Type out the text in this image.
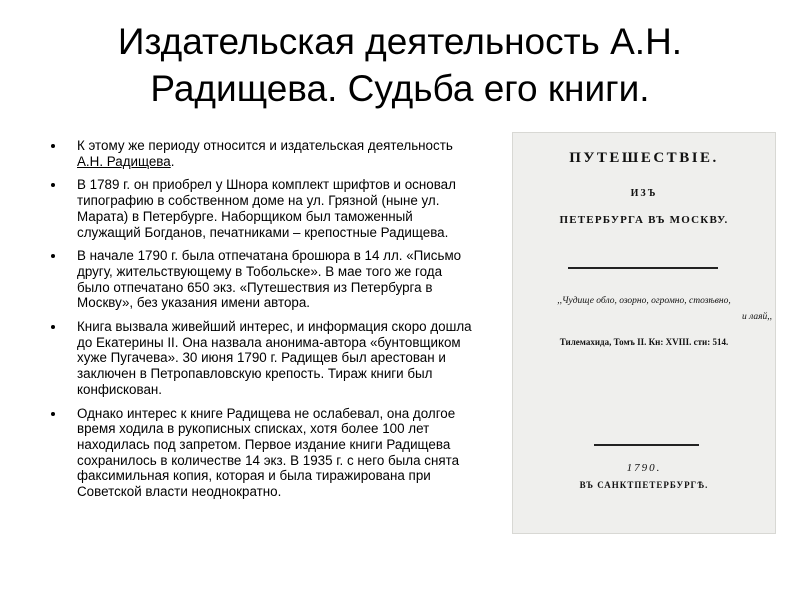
Издательская деятельность А.Н.
Радищева. Судьба его книги.
К этому же периоду относится и издательская деятельность А.Н. Радищева.
В 1789 г. он приобрел у Шнора комплект шрифтов и основал типографию в собственном доме на ул. Грязной (ныне ул. Марата) в Петербурге. Наборщиком был таможенный служащий Богданов, печатниками – крепостные Радищева.
В начале 1790 г. была отпечатана брошюра в 14 лл. «Письмо другу, жительствующему в Тобольске». В мае того же года было отпечатано 650 экз. «Путешествия из Петербурга в Москву», без указания имени автора.
Книга вызвала живейший интерес, и информация скоро дошла до Екатерины II. Она назвала анонима-автора «бунтовщиком хуже Пугачева». 30 июня 1790 г. Радищев был арестован и заключен в Петропавловскую крепость. Тираж книги был конфискован.
Однако интерес к книге Радищева не ослабевал, она долгое время ходила в рукописных списках, хотя более 100 лет находилась под запретом. Первое издание книги Радищева сохранилось в количестве 14 экз. В 1935 г. с него была снята факсимильная копия, которая и была тиражирована при Советской власти неоднократно.
ПУТЕШЕСТВІЕ.
ИЗЪ
ПЕТЕРБУРГА ВЪ МОСКВУ.
,,Чудище обло, озорно, огромно, стозѣвно,
и лаяй,,
Тилемахида, Томъ II. Кн: XVIII. сти: 514.
1790.
ВЪ САНКТПЕТЕРБУРГѢ.
